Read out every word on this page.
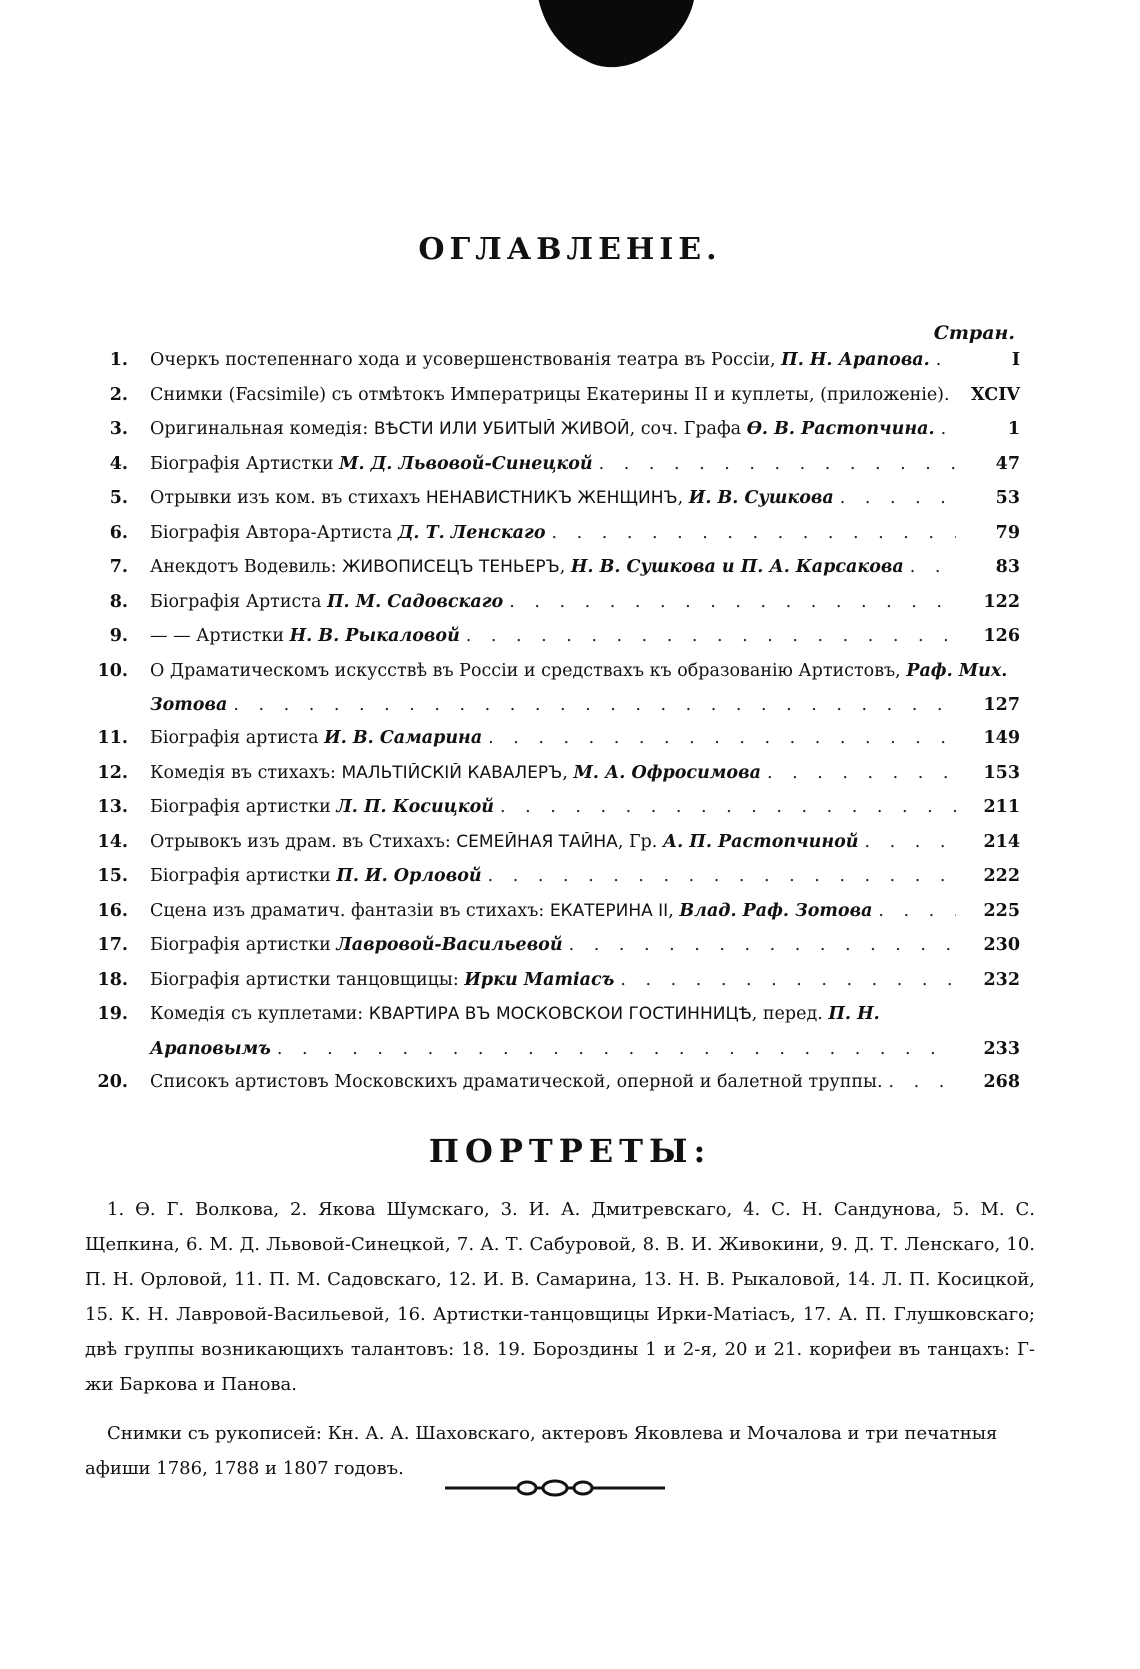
ОГЛАВЛЕНІЕ.
Стран.
1. Очеркъ постепеннаго хода и усовершенствованія театра въ Россіи, П. Н. Арапова. . . .	I
2. Снимки (Facsimile) съ отмѣтокъ Императрицы Екатерины II и куплеты, (приложеніе). . . .	XCIV
3. Оригинальная комедія: ВѢСТИ ИЛИ УБИТЫЙ ЖИВОЙ, соч. Графа Ѳ. В. Растопчина. . . .	1
4. Біографія Артистки М. Д. Львовой-Синецкой . . .	47
5. Отрывки изъ ком. въ стихахъ НЕНАВИСТНИКЪ ЖЕНЩИНЪ, И. В. Сушкова . . .	53
6. Біографія Автора-Артиста Д. Т. Ленскаго . . .	79
7. Анекдотъ Водевиль: ЖИВОПИСЕЦЪ ТЕНЬЕРЪ, Н. В. Сушкова и П. А. Карсакова . . .	83
8. Біографія Артиста П. М. Садовскаго . . .	122
9. — — Артистки Н. В. Рыкаловой . . .	126
10. О Драматическомъ искусствѣ въ Россіи и средствахъ къ образованію Артистовъ, Раф. Мих.
Зотова . . .	127
11. Біографія артиста И. В. Самарина . . .	149
12. Комедія въ стихахъ: МАЛЬТІЙСКІЙ КАВАЛЕРЪ, М. А. Офросимова . . .	153
13. Біографія артистки Л. П. Косицкой . . .	211
14. Отрывокъ изъ драм. въ Стихахъ: СЕМЕЙНАЯ ТАЙНА, Гр. А. П. Растопчиной . . .	214
15. Біографія артистки П. И. Орловой . . .	222
16. Сцена изъ драматич. фантазіи въ стихахъ: ЕКАТЕРИНА II, Влад. Раф. Зотова . . .	225
17. Біографія артистки Лавровой-Васильевой . . .	230
18. Біографія артистки танцовщицы: Ирки Матіасъ . . .	232
19. Комедія съ куплетами: КВАРТИРА ВЪ МОСКОВСКОИ ГОСТИННИЦѢ, перед. П. Н.
Араповымъ . . .	233
20. Списокъ артистовъ Московскихъ драматической, оперной и балетной труппы. . . .	268
ПОРТРЕТЫ:
1. Ѳ. Г. Волкова, 2. Якова Шумскаго, 3. И. А. Дмитревскаго, 4. С. Н. Сандунова, 5. М. С. Щепкина, 6. М. Д. Львовой-Синецкой, 7. А. Т. Сабуровой, 8. В. И. Живокини, 9. Д. Т. Ленскаго, 10. П. Н. Орловой, 11. П. М. Садовскаго, 12. И. В. Самарина, 13. Н. В. Рыкаловой, 14. Л. П. Косицкой, 15. К. Н. Лавровой-Васильевой, 16. Артистки-танцовщицы Ирки-Матіасъ, 17. А. П. Глушковскаго; двѣ группы возникающихъ талантовъ: 18. 19. Бороздины 1 и 2-я, 20 и 21. корифеи въ танцахъ: Г-жи Баркова и Панова.
Снимки съ рукописей: Кн. А. А. Шаховскаго, актеровъ Яковлева и Мочалова и три печатныя афиши 1786, 1788 и 1807 годовъ.
